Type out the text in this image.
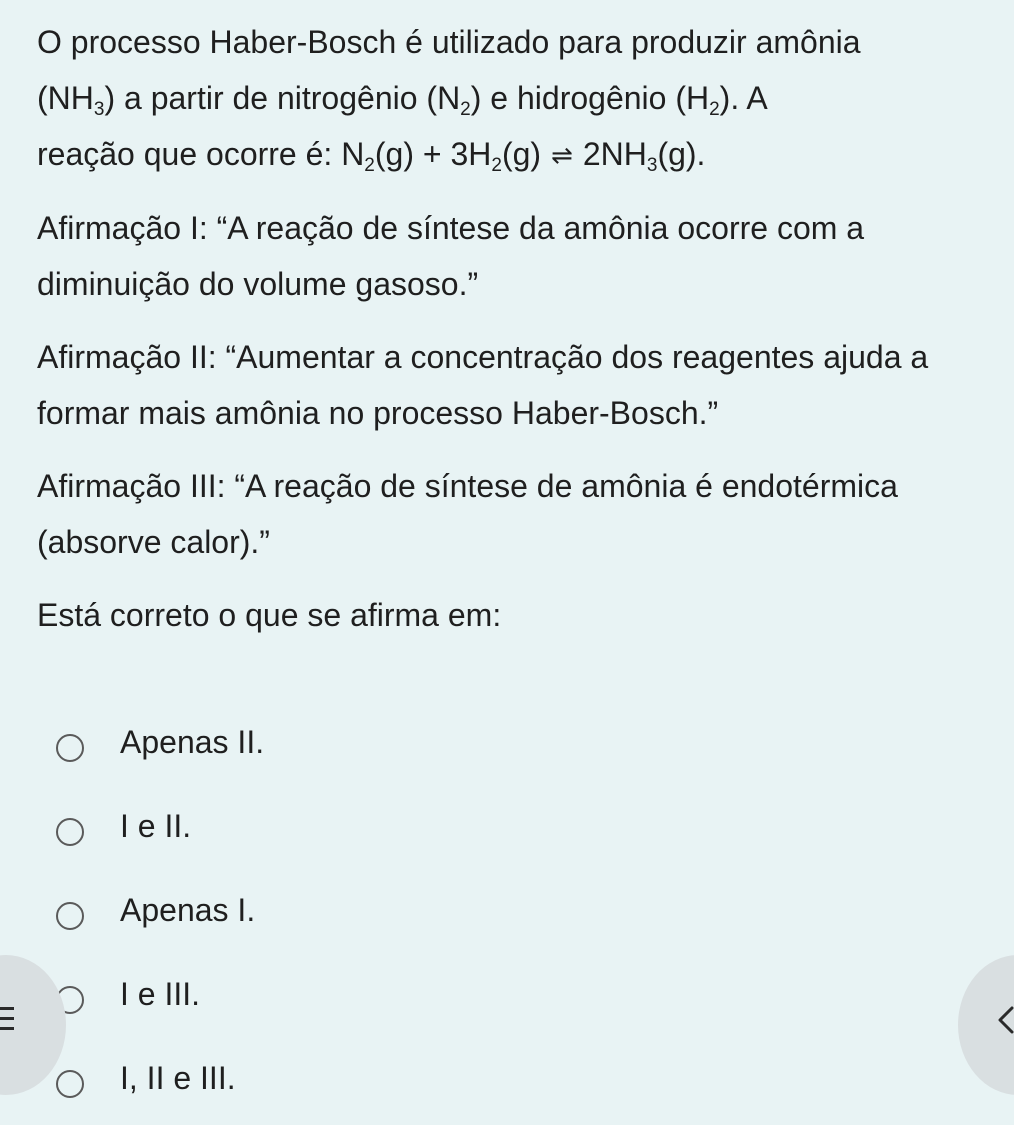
O processo Haber-Bosch é utilizado para produzir amônia
$(NH_3)$ a partir de nitrogênio $(N_2)$ e hidrogênio $(H_2)$. A
reação que ocorre é: $N_2(g) + 3H_2(g)$ ⇌ $2NH_3(g)$.

Afirmação I: “A reação de síntese da amônia ocorre com a diminuição do volume gasoso.”

Afirmação II: “Aumentar a concentração dos reagentes ajuda a formar mais amônia no processo Haber-Bosch.”

Afirmação III: “A reação de síntese de amônia é endotérmica (absorve calor).”

Está correto o que se afirma em:

Apenas II.
I e II.
Apenas I.
I e III.
I, II e III.
